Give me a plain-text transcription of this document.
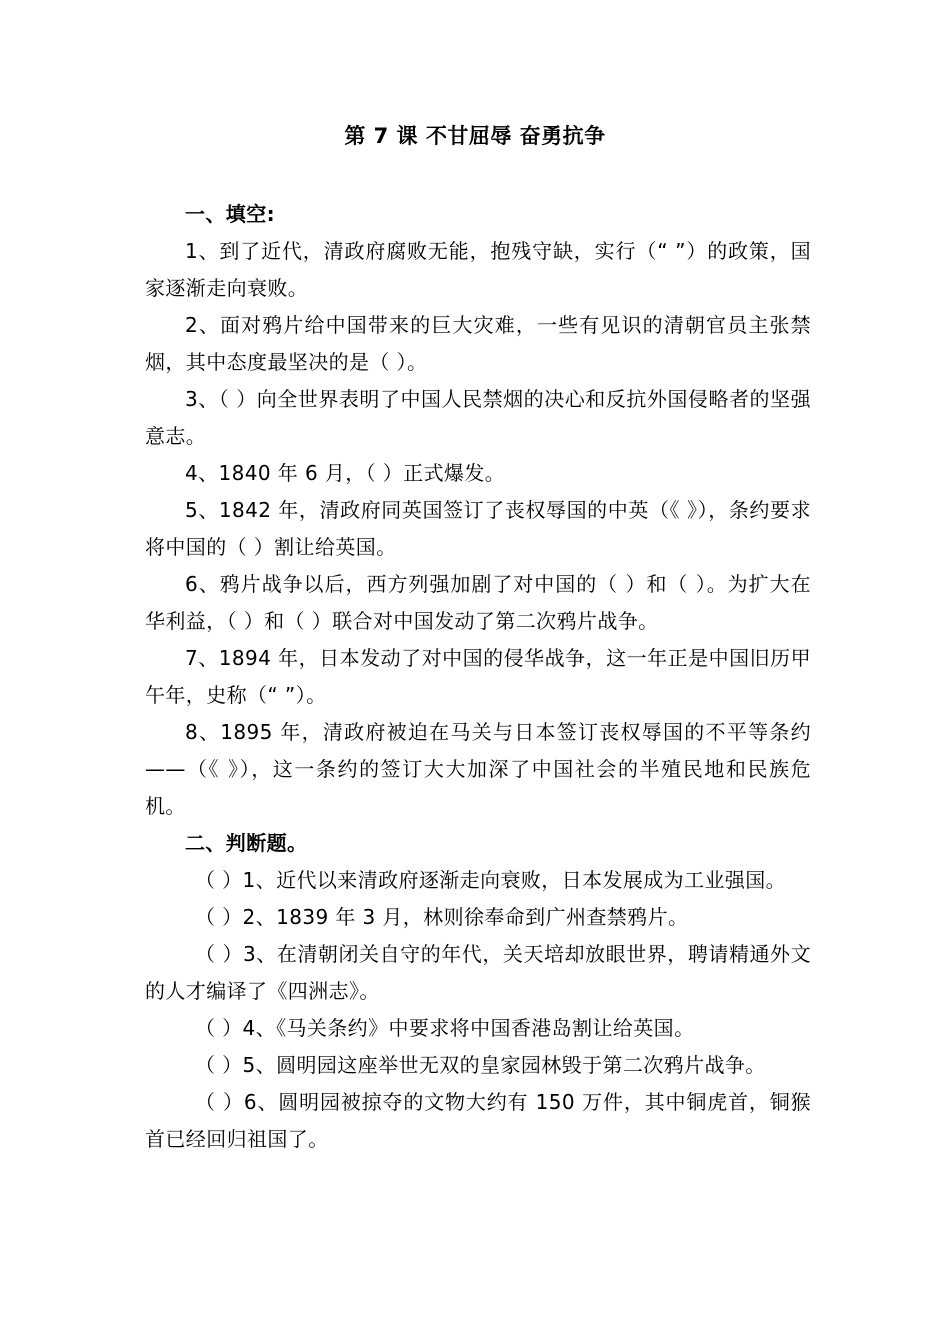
第 7 课 不甘屈辱 奋勇抗争

一、填空:

1、到了近代，清政府腐败无能，抱残守缺，实行（“ ”）的政策，国家逐渐走向衰败。

2、面对鸦片给中国带来的巨大灾难，一些有见识的清朝官员主张禁烟，其中态度最坚决的是（ ）。

3、（ ）向全世界表明了中国人民禁烟的决心和反抗外国侵略者的坚强意志。

4、1840 年 6 月，（ ）正式爆发。

5、1842 年，清政府同英国签订了丧权辱国的中英（《 》），条约要求将中国的（ ）割让给英国。

6、鸦片战争以后，西方列强加剧了对中国的（ ）和（ ）。为扩大在华利益，（ ）和（ ）联合对中国发动了第二次鸦片战争。

7、1894 年，日本发动了对中国的侵华战争，这一年正是中国旧历甲午年，史称（“ ”）。

8、1895 年，清政府被迫在马关与日本签订丧权辱国的不平等条约——（《 》），这一条约的签订大大加深了中国社会的半殖民地和民族危机。

二、判断题。

（ ）1、近代以来清政府逐渐走向衰败，日本发展成为工业强国。

（ ）2、1839 年 3 月，林则徐奉命到广州查禁鸦片。

（ ）3、在清朝闭关自守的年代，关天培却放眼世界，聘请精通外文的人才编译了《四洲志》。

（ ）4、《马关条约》中要求将中国香港岛割让给英国。

（ ）5、圆明园这座举世无双的皇家园林毁于第二次鸦片战争。

（ ）6、圆明园被掠夺的文物大约有 150 万件，其中铜虎首，铜猴首已经回归祖国了。
